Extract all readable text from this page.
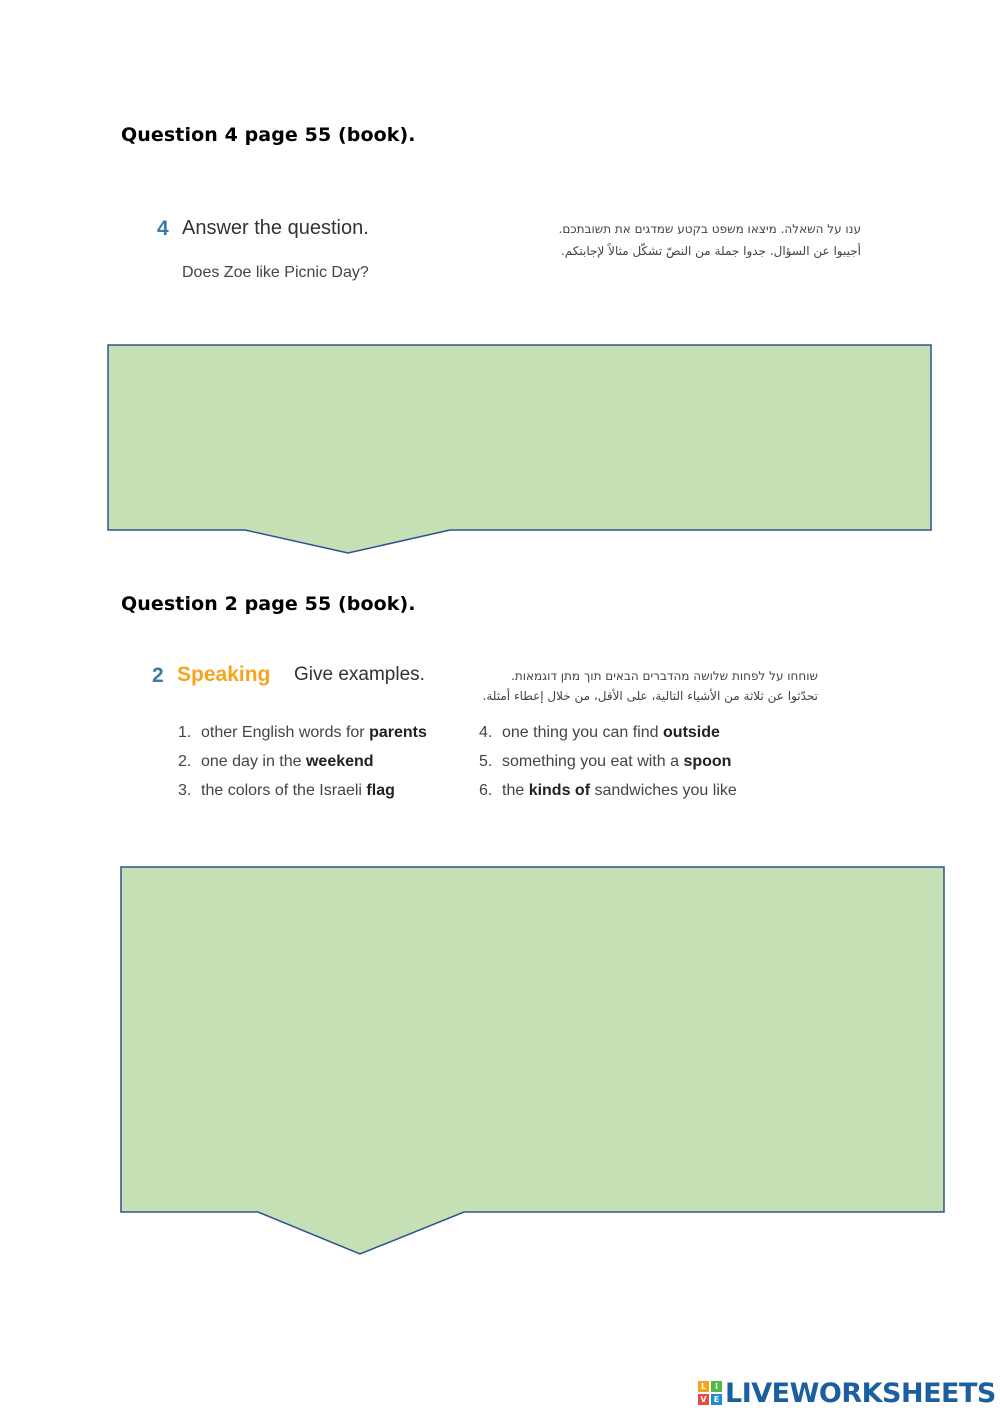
Question 4 page 55 (book).
4 Answer the question.
Does Zoe like Picnic Day?
ענו על השאלה. מיצאו משפט בקטע שמדגים את תשובתכם.
أجيبوا عن السؤال. جدوا جملة من النصّ تشكّل مثالاً لإجابتكم.
Question 2 page 55 (book).
2 Speaking Give examples.	שוחחו על לפחות שלושה מהדברים הבאים תוך מתן דוגמאות.
تحدّثوا عن ثلاثة من الأشياء التالية، على الأقل، من خلال إعطاء أمثلة.
1. other English words for parents
2. one day in the weekend
3. the colors of the Israeli flag
4. one thing you can find outside
5. something you eat with a spoon
6. the kinds of sandwiches you like
L	I
V E LIVEWORKSHEETS
